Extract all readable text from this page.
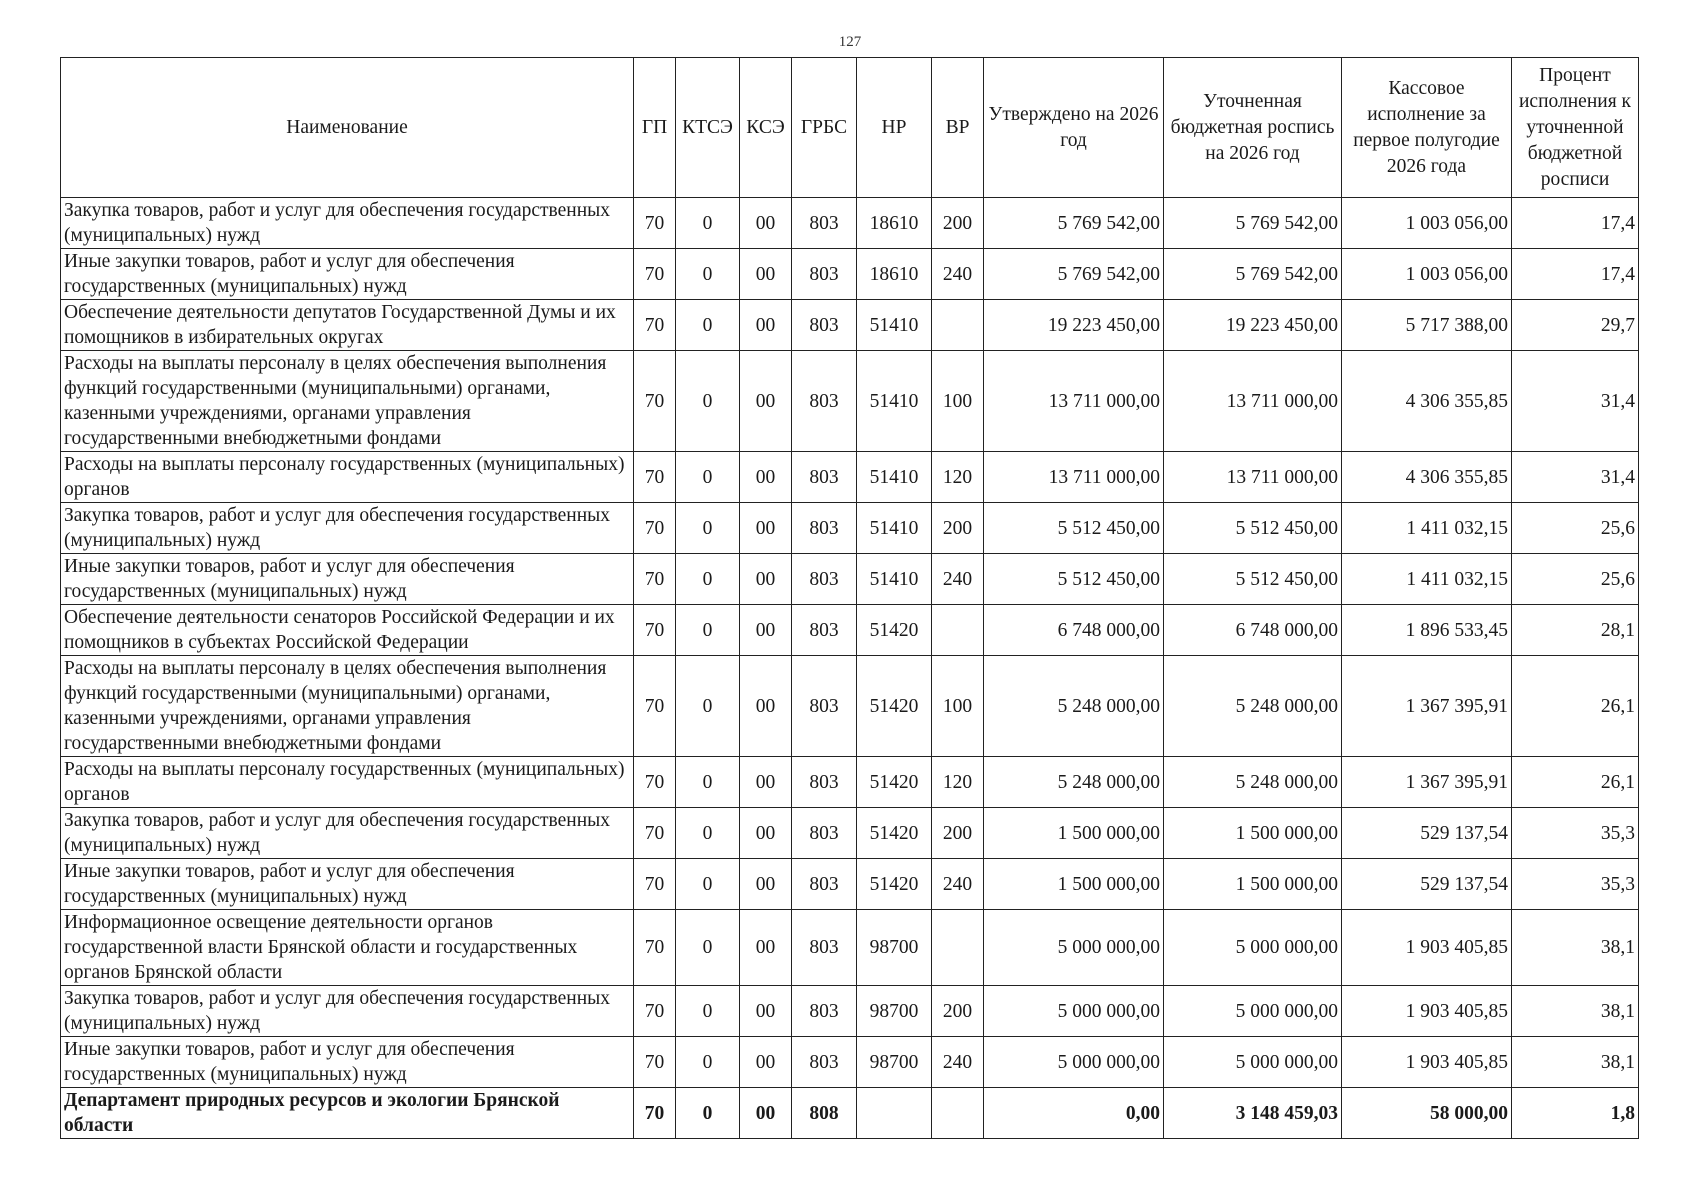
127
Наименование	ГП	КТСЭ	КСЭ	ГРБС	НР	ВР	Утверждено на 2026 год	Уточненная бюджетная роспись на 2026 год	Кассовое исполнение за первое полугодие 2026 года	Процент исполнения к уточненной бюджетной росписи
Закупка товаров, работ и услуг для обеспечения государственных (муниципальных) нужд	70	0	00	803	18610	200	5 769 542,00	5 769 542,00	1 003 056,00	17,4
Иные закупки товаров, работ и услуг для обеспечения государственных (муниципальных) нужд	70	0	00	803	18610	240	5 769 542,00	5 769 542,00	1 003 056,00	17,4
Обеспечение деятельности депутатов Государственной Думы и их помощников в избирательных округах	70	0	00	803	51410		19 223 450,00	19 223 450,00	5 717 388,00	29,7
Расходы на выплаты персоналу в целях обеспечения выполнения функций государственными (муниципальными) органами, казенными учреждениями, органами управления государственными внебюджетными фондами	70	0	00	803	51410	100	13 711 000,00	13 711 000,00	4 306 355,85	31,4
Расходы на выплаты персоналу государственных (муниципальных) органов	70	0	00	803	51410	120	13 711 000,00	13 711 000,00	4 306 355,85	31,4
Закупка товаров, работ и услуг для обеспечения государственных (муниципальных) нужд	70	0	00	803	51410	200	5 512 450,00	5 512 450,00	1 411 032,15	25,6
Иные закупки товаров, работ и услуг для обеспечения государственных (муниципальных) нужд	70	0	00	803	51410	240	5 512 450,00	5 512 450,00	1 411 032,15	25,6
Обеспечение деятельности сенаторов Российской Федерации и их помощников в субъектах Российской Федерации	70	0	00	803	51420		6 748 000,00	6 748 000,00	1 896 533,45	28,1
Расходы на выплаты персоналу в целях обеспечения выполнения функций государственными (муниципальными) органами, казенными учреждениями, органами управления государственными внебюджетными фондами	70	0	00	803	51420	100	5 248 000,00	5 248 000,00	1 367 395,91	26,1
Расходы на выплаты персоналу государственных (муниципальных) органов	70	0	00	803	51420	120	5 248 000,00	5 248 000,00	1 367 395,91	26,1
Закупка товаров, работ и услуг для обеспечения государственных (муниципальных) нужд	70	0	00	803	51420	200	1 500 000,00	1 500 000,00	529 137,54	35,3
Иные закупки товаров, работ и услуг для обеспечения государственных (муниципальных) нужд	70	0	00	803	51420	240	1 500 000,00	1 500 000,00	529 137,54	35,3
Информационное освещение деятельности органов государственной власти Брянской области и государственных органов Брянской области	70	0	00	803	98700		5 000 000,00	5 000 000,00	1 903 405,85	38,1
Закупка товаров, работ и услуг для обеспечения государственных (муниципальных) нужд	70	0	00	803	98700	200	5 000 000,00	5 000 000,00	1 903 405,85	38,1
Иные закупки товаров, работ и услуг для обеспечения государственных (муниципальных) нужд	70	0	00	803	98700	240	5 000 000,00	5 000 000,00	1 903 405,85	38,1
Департамент природных ресурсов и экологии Брянской области	70	0	00	808			0,00	3 148 459,03	58 000,00	1,8
